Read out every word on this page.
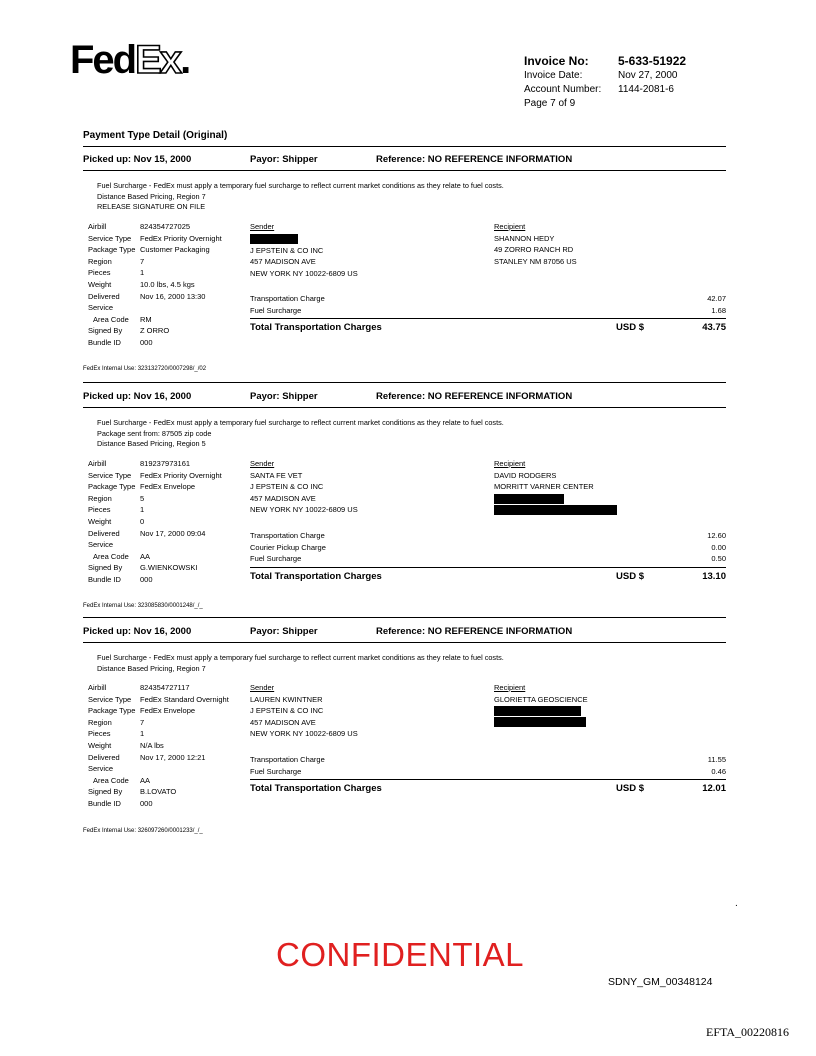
FedEx.	Invoice No:	5-633-51922
Invoice Date:	Nov 27, 2000
Account Number:	1144-2081-6
Page 7 of 9
Payment Type Detail (Original)
Picked up: Nov 15, 2000	Payor: Shipper	Reference: NO REFERENCE INFORMATION
Fuel Surcharge - FedEx must apply a temporary fuel surcharge to reflect current market conditions as they relate to fuel costs.
Distance Based Pricing, Region 7
RELEASE SIGNATURE ON FILE
Airbill	824354727025
Service Type	FedEx Priority Overnight
Package Type Customer Packaging
Region	7
Pieces	1
Weight	10.0 lbs, 4.5 kgs
Delivered	Nov 16, 2000 13:30
Service
Area Code	RM
Signed By	Z ORRO
Bundle ID	000
Sender
J EPSTEIN & CO INC
457 MADISON AVE
NEW YORK NY 10022-6809 US
Recipient
SHANNON HEDY
49 ZORRO RANCH RD
STANLEY NM 87056 US
Transportation Charge	42.07
Fuel Surcharge	1.68
Total Transportation Charges	USD $	43.75
FedEx Internal Use: 323132720/0007298/_/02
Picked up: Nov 16, 2000	Payor: Shipper	Reference: NO REFERENCE INFORMATION
Fuel Surcharge - FedEx must apply a temporary fuel surcharge to reflect current market conditions as they relate to fuel costs.
Package sent from: 87505 zip code
Distance Based Pricing, Region 5
Airbill	819237973161
Service Type	FedEx Priority Overnight
Package Type FedEx Envelope
Region	5
Pieces	1
Weight	0
Delivered	Nov 17, 2000 09:04
Service
Area Code	AA
Signed By	G.WIENKOWSKI
Bundle ID	000
Sender
SANTA FE VET
J EPSTEIN & CO INC
457 MADISON AVE
NEW YORK NY 10022-6809 US
Recipient
DAVID RODGERS
MORRITT VARNER CENTER
Transportation Charge	12.60
Courier Pickup Charge	0.00
Fuel Surcharge	0.50
Total Transportation Charges	USD $	13.10
FedEx Internal Use: 323085830/0001248/_/_
Picked up: Nov 16, 2000	Payor: Shipper	Reference: NO REFERENCE INFORMATION
Fuel Surcharge - FedEx must apply a temporary fuel surcharge to reflect current market conditions as they relate to fuel costs.
Distance Based Pricing, Region 7
Airbill	824354727117
Service Type	FedEx Standard Overnight
Package Type FedEx Envelope
Region	7
Pieces	1
Weight	N/A lbs
Delivered	Nov 17, 2000 12:21
Service
Area Code	AA
Signed By	B.LOVATO
Bundle ID	000
Sender
LAUREN KWINTNER
J EPSTEIN & CO INC
457 MADISON AVE
NEW YORK NY 10022-6809 US
Recipient
GLORIETTA GEOSCIENCE
Transportation Charge	11.55
Fuel Surcharge	0.46
Total Transportation Charges	USD $	12.01
FedEx Internal Use: 326097260/0001233/_/_
.
CONFIDENTIAL
SDNY_GM_00348124
EFTA_00220816
